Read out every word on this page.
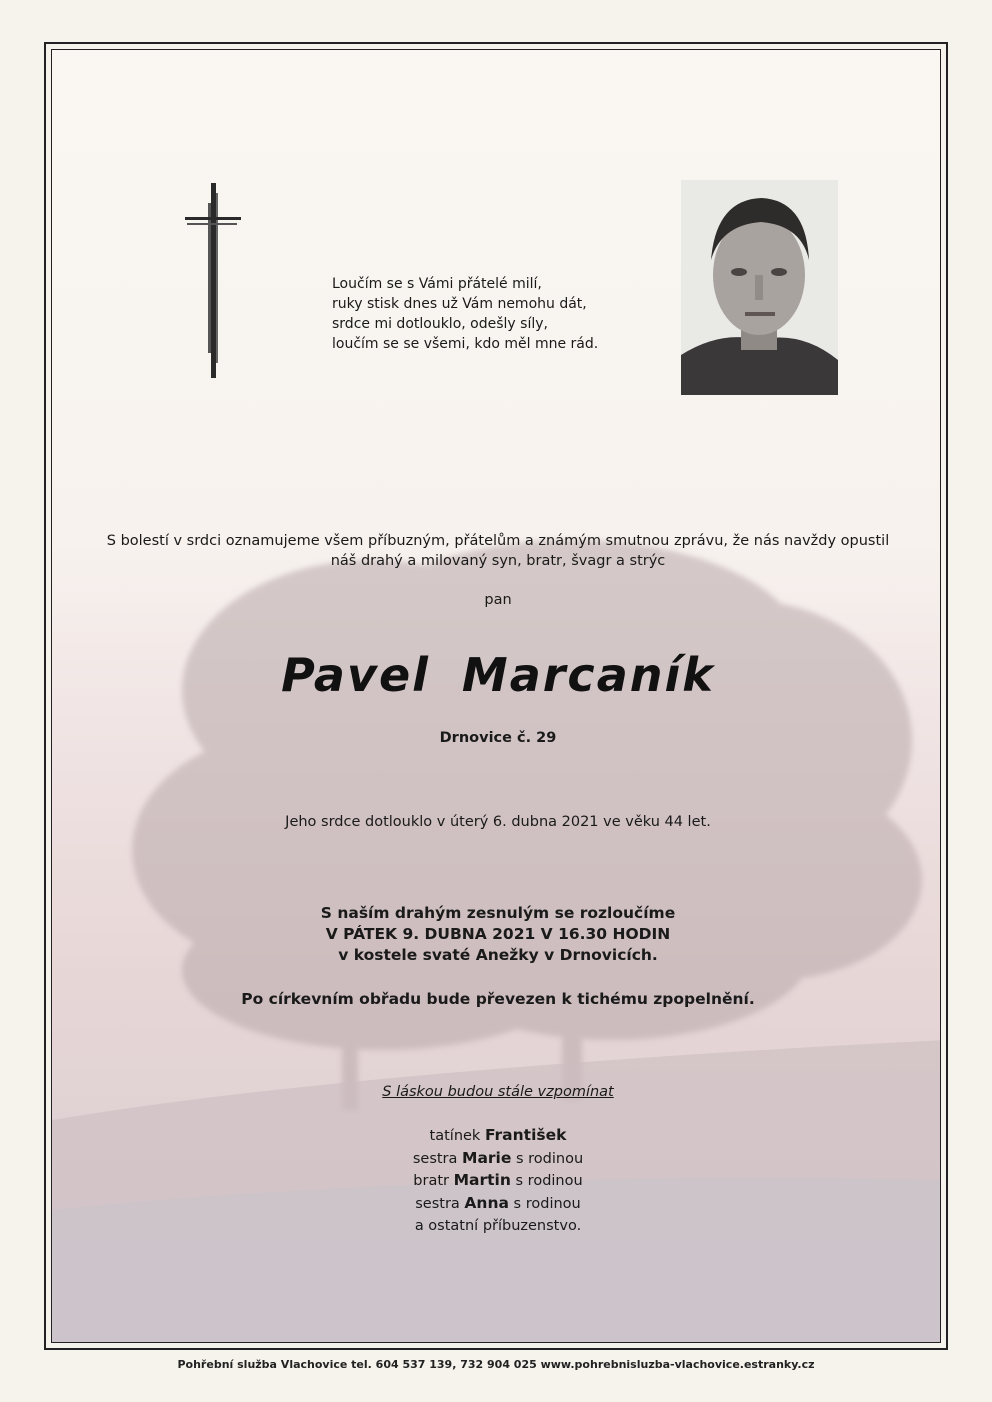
Loučím se s Vámi přátelé milí,
ruky stisk dnes už Vám nemohu dát,
srdce mi dotlouklo, odešly síly,
loučím se se všemi, kdo měl mne rád.
S bolestí v srdci oznamujeme všem příbuzným, přátelům a známým smutnou zprávu, že nás navždy opustil
náš drahý a milovaný syn, bratr, švagr a strýc
pan
Pavel Marcaník
Drnovice č. 29
Jeho srdce dotlouklo v úterý 6. dubna 2021 ve věku 44 let.
S naším drahým zesnulým se rozloučíme
V PÁTEK 9. DUBNA 2021 V 16.30 HODIN
v kostele svaté Anežky v Drnovicích.
Po církevním obřadu bude převezen k tichému zpopelnění.
S láskou budou stále vzpomínat
tatínek František
sestra Marie s rodinou
bratr Martin s rodinou
sestra Anna s rodinou
a ostatní příbuzenstvo.
Pohřební služba Vlachovice tel. 604 537 139, 732 904 025 www.pohrebnisluzba-vlachovice.estranky.cz
